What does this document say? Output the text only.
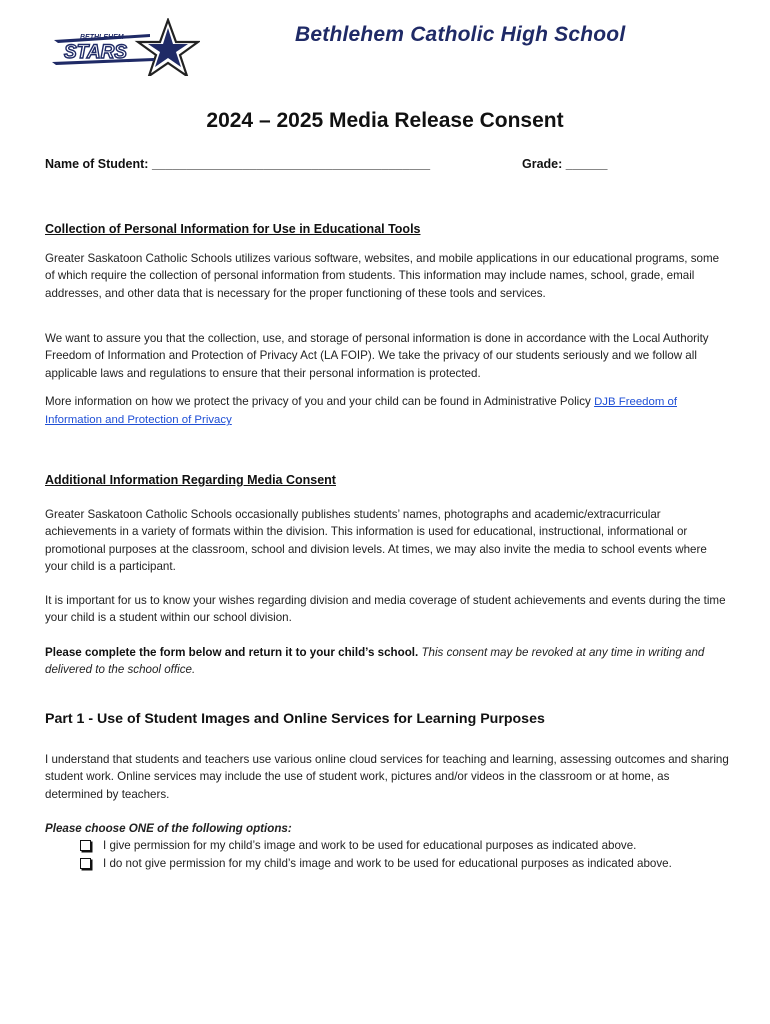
BETHLEHEM
STARS
Bethlehem Catholic High School
2024 – 2025 Media Release Consent
Name of Student: ________________________________________	Grade: ______
Collection of Personal Information for Use in Educational Tools
Greater Saskatoon Catholic Schools utilizes various software, websites, and mobile applications in our educational programs, some of which require the collection of personal information from students. This information may include names, school, grade, email addresses, and other data that is necessary for the proper functioning of these tools and services.
We want to assure you that the collection, use, and storage of personal information is done in accordance with the Local Authority Freedom of Information and Protection of Privacy Act (LA FOIP). We take the privacy of our students seriously and we follow all applicable laws and regulations to ensure that their personal information is protected.
More information on how we protect the privacy of you and your child can be found in Administrative Policy DJB Freedom of Information and Protection of Privacy
Additional Information Regarding Media Consent
Greater Saskatoon Catholic Schools occasionally publishes students’ names, photographs and academic/extracurricular achievements in a variety of formats within the division. This information is used for educational, instructional, informational or promotional purposes at the classroom, school and division levels. At times, we may also invite the media to school events where your child is a participant.
It is important for us to know your wishes regarding division and media coverage of student achievements and events during the time your child is a student within our school division.
Please complete the form below and return it to your child’s school. This consent may be revoked at any time in writing and delivered to the school office.
Part 1 - Use of Student Images and Online Services for Learning Purposes
I understand that students and teachers use various online cloud services for teaching and learning, assessing outcomes and sharing student work. Online services may include the use of student work, pictures and/or videos in the classroom or at home, as determined by teachers.
Please choose ONE of the following options:
I give permission for my child’s image and work to be used for educational purposes as indicated above.
I do not give permission for my child’s image and work to be used for educational purposes as indicated above.
